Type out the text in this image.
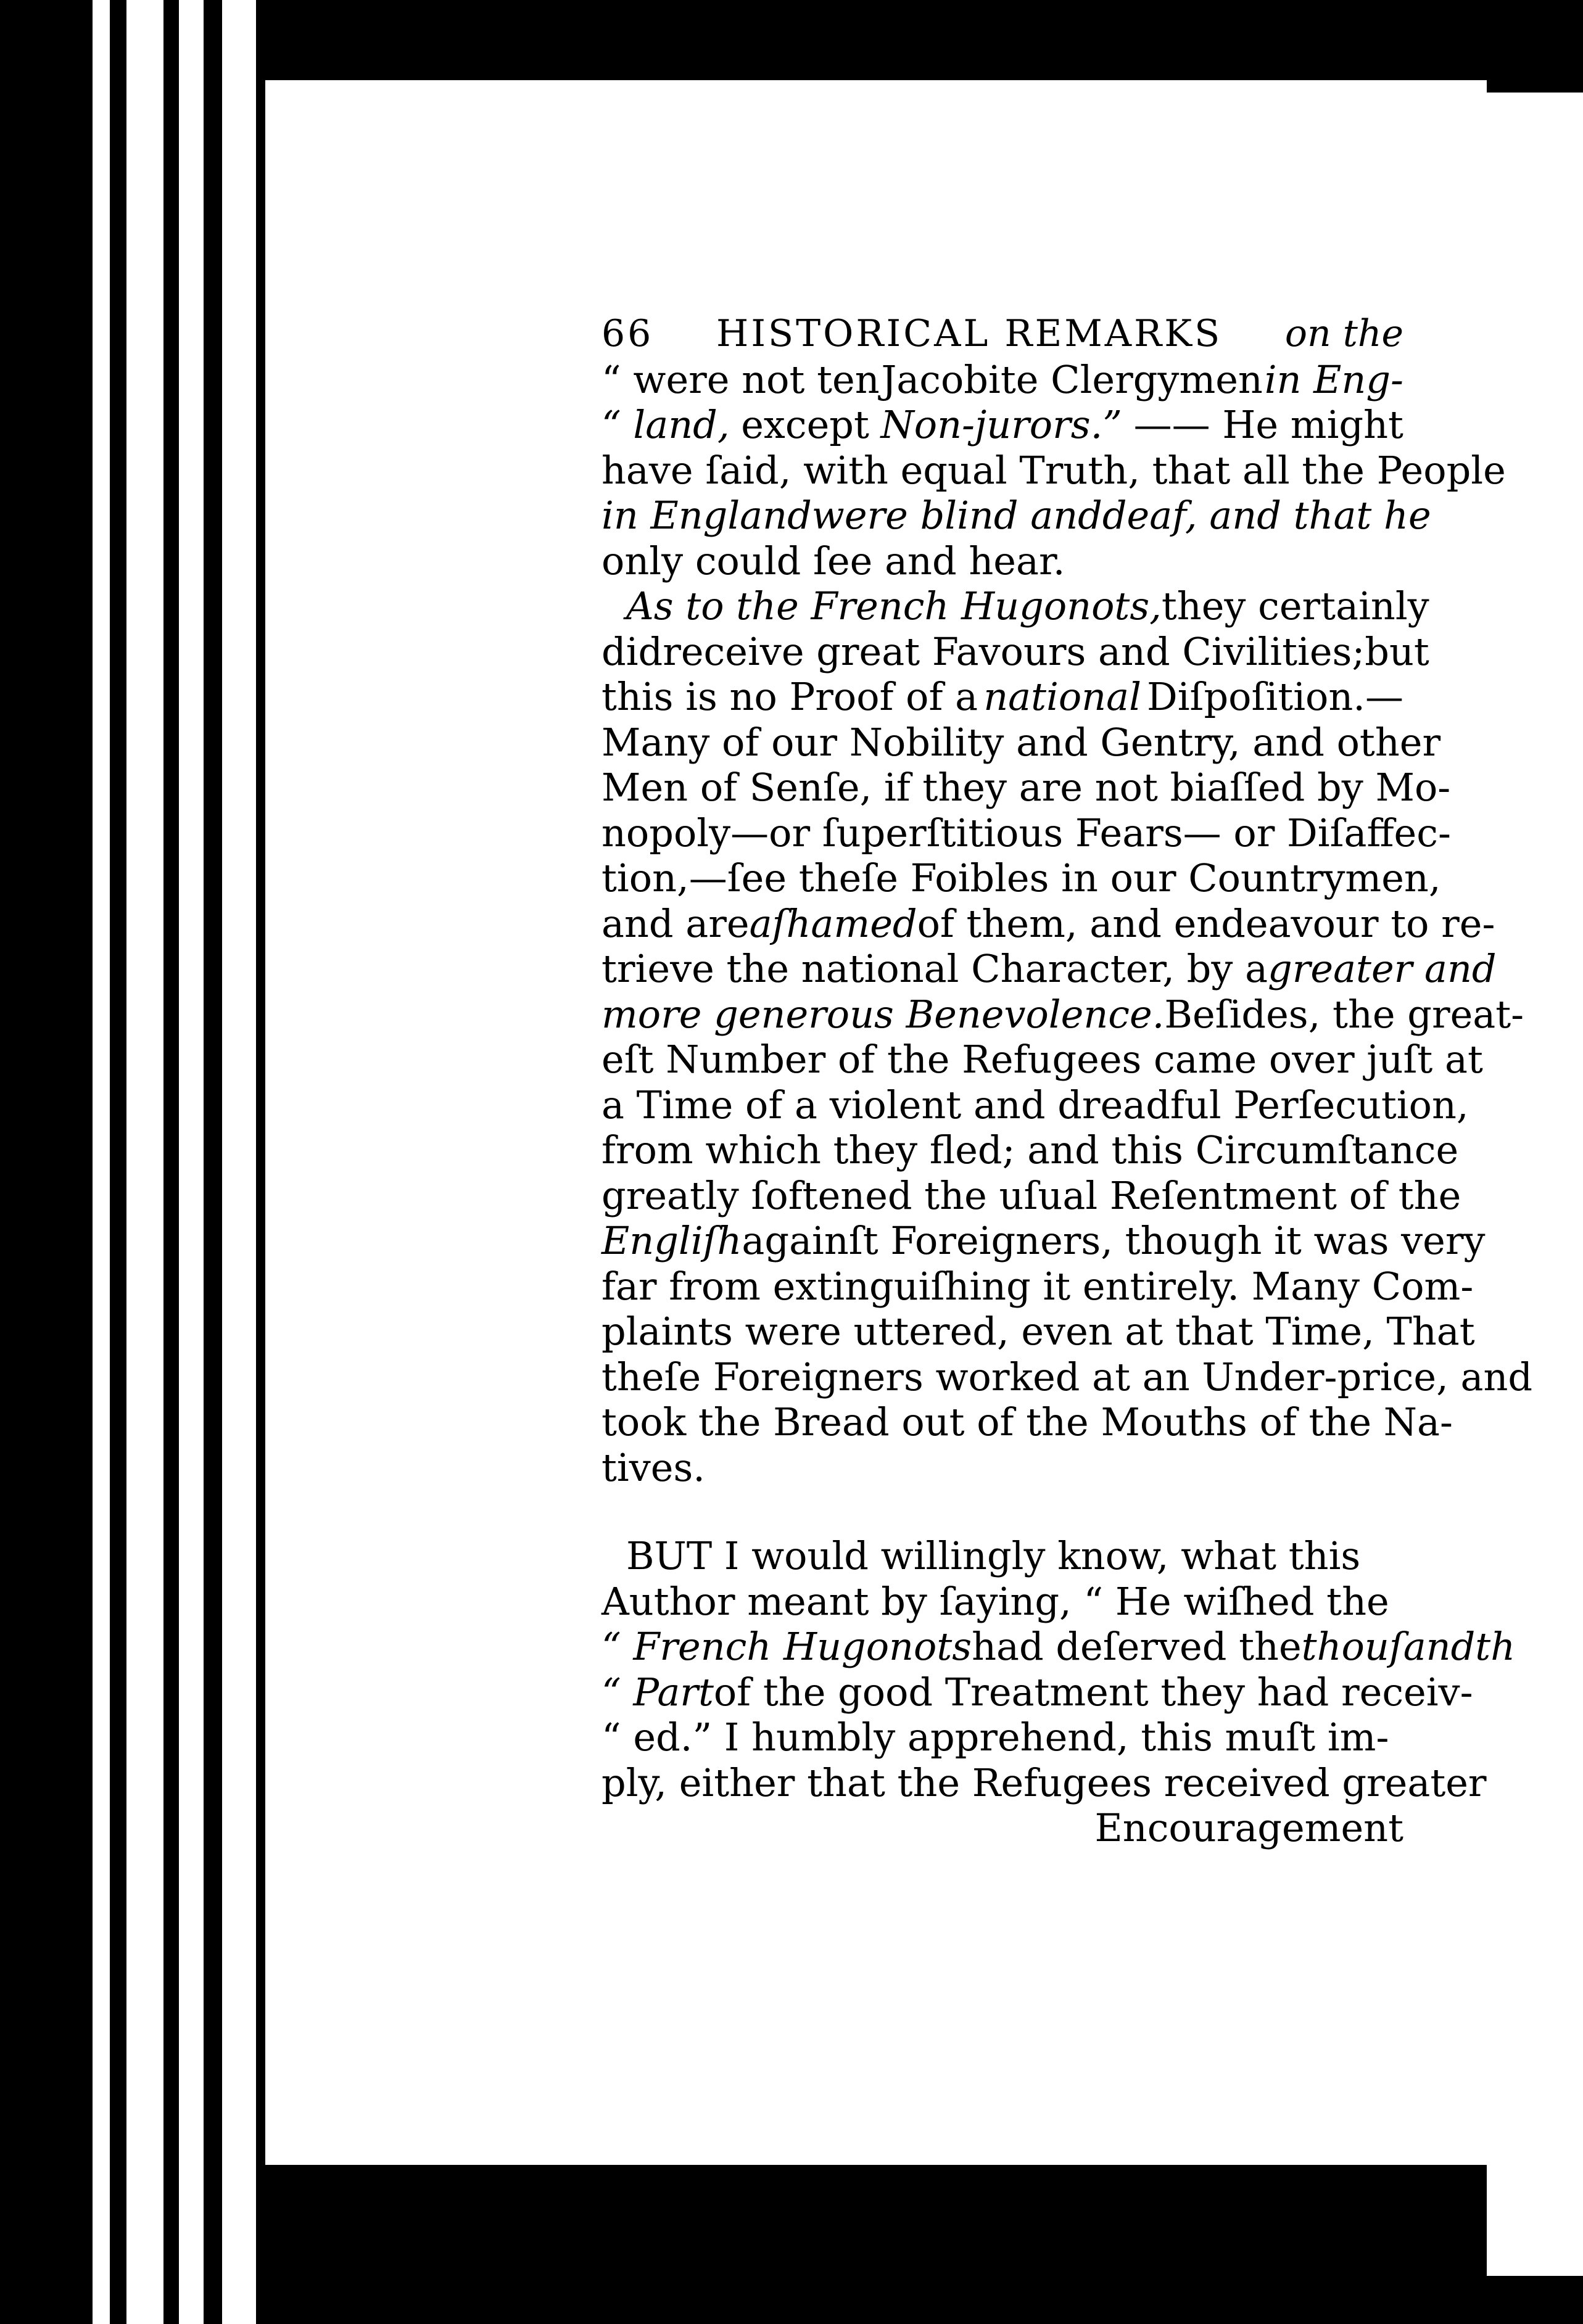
66 HISTORICAL REMARKS on the
“ were not ten Jacobite Clergymen in Eng-
“ land, except Non-jurors.” —— He might
have ſaid, with equal Truth, that all the People
in England were blind and deaf, and that he
only could ſee and hear.
As to the French Hugonots, they certainly
did receive great Favours and Civilities; but
this is no Proof of a national Diſpoſition.—
Many of our Nobility and Gentry, and other
Men of Senſe, if they are not biaſſed by Mo-
nopoly—or ſuperſtitious Fears— or Diſaffec-
tion,—ſee theſe Foibles in our Countrymen,
and are aſhamed of them, and endeavour to re-
trieve the national Character, by a greater and
more generous Benevolence. Beſides, the great-
eſt Number of the Refugees came over juſt at
a Time of a violent and dreadful Perſecution,
from which they fled; and this Circumſtance
greatly ſoftened the uſual Reſentment of the
Engliſh againſt Foreigners, though it was very
far from extinguiſhing it entirely. Many Com-
plaints were uttered, even at that Time, That
theſe Foreigners worked at an Under-price, and
took the Bread out of the Mouths of the Na-
tives.
BUT I would willingly know, what this
Author meant by ſaying, “ He wiſhed the
“ French Hugonots had deſerved the thouſandth
“ Part of the good Treatment they had receiv-
“ ed.” I humbly apprehend, this muſt im-
ply, either that the Refugees received greater
Encouragement
